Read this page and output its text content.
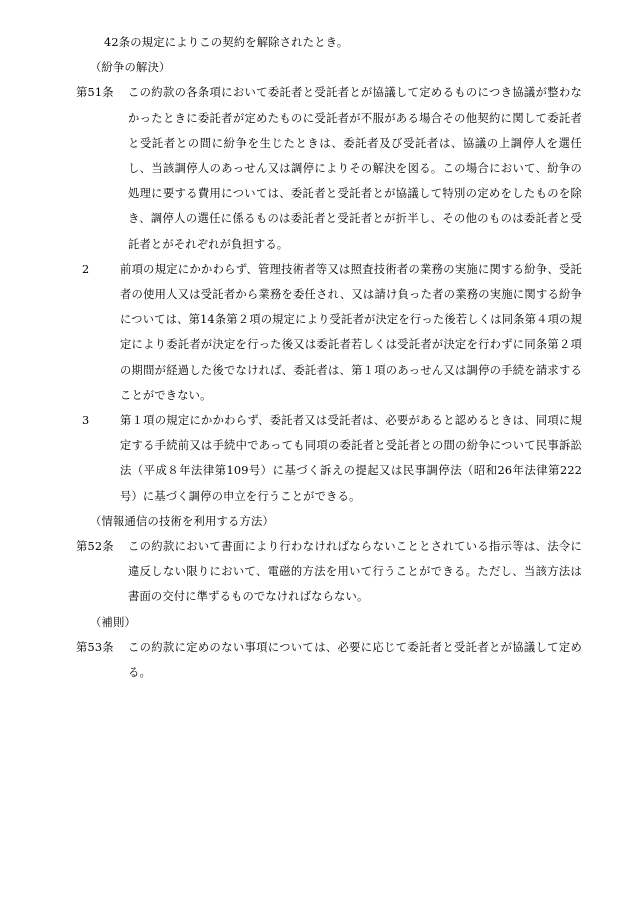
42条の規定によりこの契約を解除されたとき。
（紛争の解決）
第51条	この約款の各条項において委託者と受託者とが協議して定めるものにつき協議が整わなかったときに委託者が定めたものに受託者が不服がある場合その他契約に関して委託者と受託者との間に紛争を生じたときは、委託者及び受託者は、協議の上調停人を選任し、当該調停人のあっせん又は調停によりその解決を図る。この場合において、紛争の処理に要する費用については、委託者と受託者とが協議して特別の定めをしたものを除き、調停人の選任に係るものは委託者と受託者とが折半し、その他のものは委託者と受託者とがそれぞれが負担する。
2	前項の規定にかかわらず、管理技術者等又は照査技術者の業務の実施に関する紛争、受託者の使用人又は受託者から業務を委任され、又は請け負った者の業務の実施に関する紛争については、第14条第２項の規定により受託者が決定を行った後若しくは同条第４項の規定により委託者が決定を行った後又は委託者若しくは受託者が決定を行わずに同条第２項の期間が経過した後でなければ、委託者は、第１項のあっせん又は調停の手続を請求することができない。
3	第１項の規定にかかわらず、委託者又は受託者は、必要があると認めるときは、同項に規定する手続前又は手続中であっても同項の委託者と受託者との間の紛争について民事訴訟法（平成８年法律第109号）に基づく訴えの提起又は民事調停法（昭和26年法律第222号）に基づく調停の申立を行うことができる。
（情報通信の技術を利用する方法）
第52条	この約款において書面により行わなければならないこととされている指示等は、法令に違反しない限りにおいて、電磁的方法を用いて行うことができる。ただし、当該方法は書面の交付に準ずるものでなければならない。
（補則）
第53条	この約款に定めのない事項については、必要に応じて委託者と受託者とが協議して定める。
